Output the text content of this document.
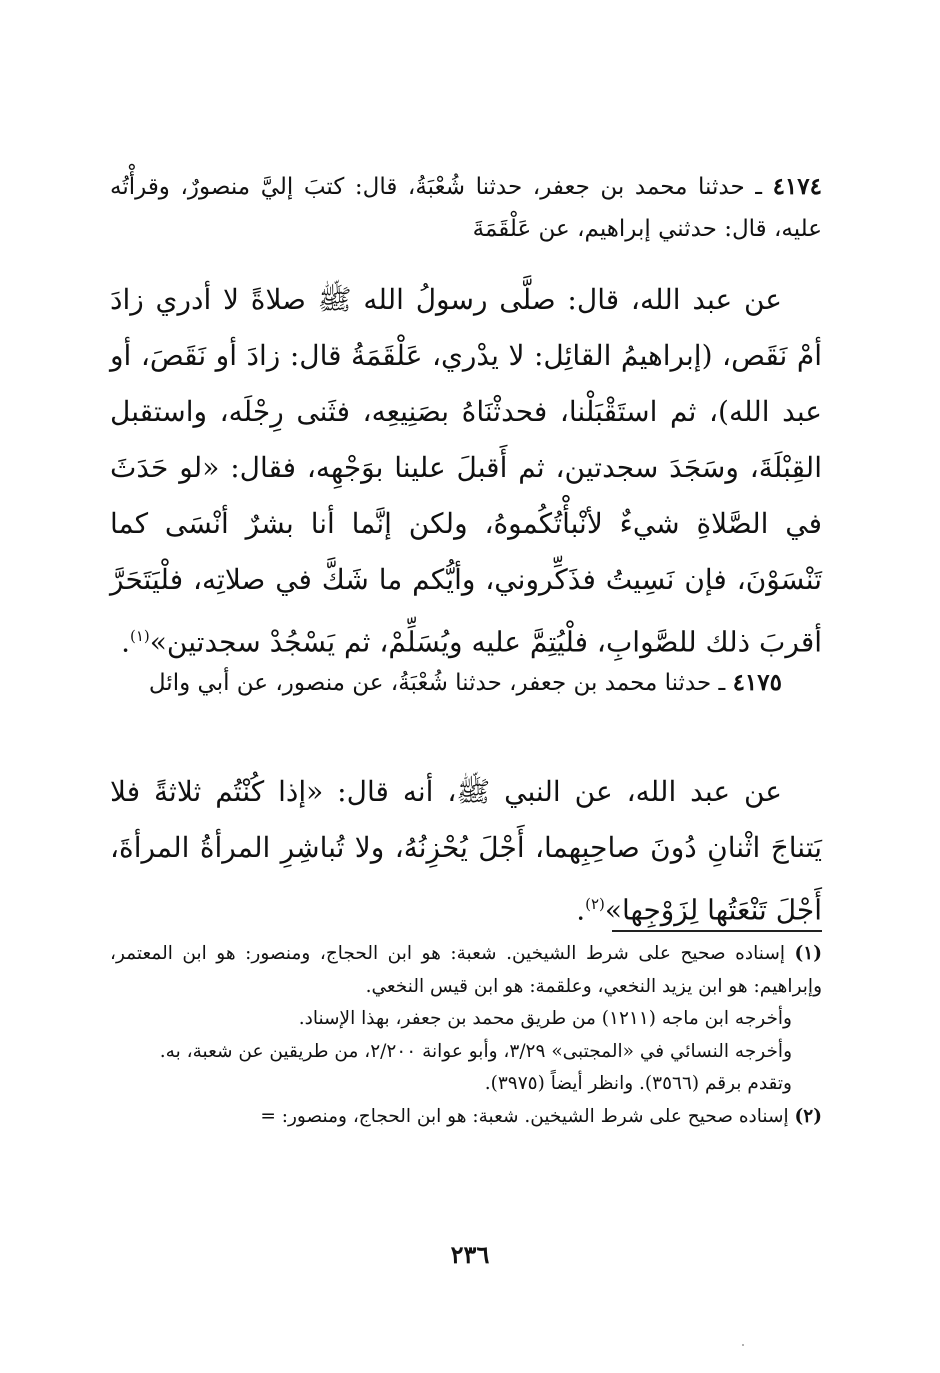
٤١٧٤ ـ حدثنا محمد بن جعفر، حدثنا شُعْبَةُ، قال: كتبَ إليَّ منصورٌ، وقرأْتُه عليه، قال: حدثني إبراهيم، عن عَلْقَمَةَ
عن عبد الله، قال: صلَّى رسولُ الله ﷺ صلاةً لا أدري زادَ أمْ نَقَص، (إبراهيمُ القائِل: لا يدْري، عَلْقَمَةُ قال: زادَ أو نَقَصَ، أو عبد الله)، ثم استَقْبَلْنا، فحدثْنَاهُ بصَنِيعِه، فثَنى رِجْلَه، واستقبل القِبْلَةَ، وسَجَدَ سجدتين، ثم أَقبلَ علينا بوَجْهِه، فقال: «لو حَدَثَ في الصَّلاةِ شيءٌ لأنْبأْتُكُموهُ، ولكن إنَّما أنا بشرٌ أنْسَى كما تَنْسَوْنَ، فإن نَسِيتُ فذَكِّروني، وأيُّكم ما شَكَّ في صلاتِه، فلْيَتَحَرَّ أقربَ ذلك للصَّوابِ، فلْيُتِمَّ عليه ويُسَلِّمْ، ثم يَسْجُدْ سجدتين»$^{(١)}$.
٤١٧٥ ـ حدثنا محمد بن جعفر، حدثنا شُعْبَةُ، عن منصور، عن أبي وائل
عن عبد الله، عن النبي ﷺ، أنه قال: «إذا كُنْتُم ثلاثةً فلا يَتناجَ اثْنانِ دُونَ صاحِبِهما، أَجْلَ يُحْزِنُهُ، ولا تُباشِرِ المرأةُ المرأةَ، أَجْلَ تَنْعَتُها لِزَوْجِها»$^{(٢)}$.

(١) إسناده صحيح على شرط الشيخين. شعبة: هو ابن الحجاج، ومنصور: هو ابن المعتمر، وإبراهيم: هو ابن يزيد النخعي، وعلقمة: هو ابن قيس النخعي.

وأخرجه ابن ماجه (١٢١١) من طريق محمد بن جعفر، بهذا الإسناد.

وأخرجه النسائي في «المجتبى» ٣/٢٩، وأبو عوانة ٢/٢٠٠، من طريقين عن شعبة، به.

وتقدم برقم (٣٥٦٦). وانظر أيضاً (٣٩٧٥).

(٢) إسناده صحيح على شرط الشيخين. شعبة: هو ابن الحجاج، ومنصور: =

٢٣٦
